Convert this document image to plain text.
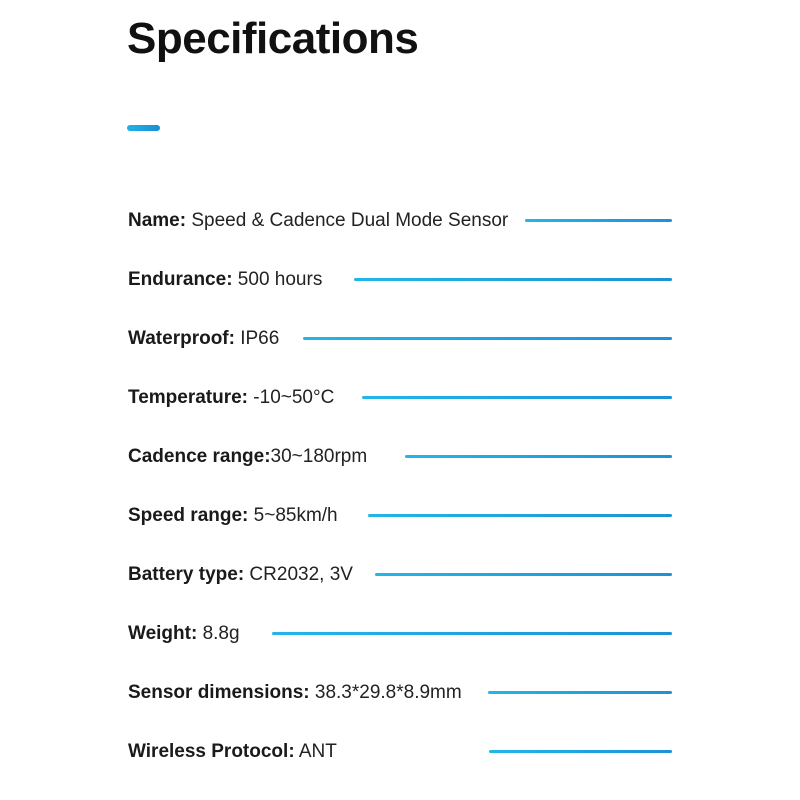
Specifications
Name: Speed & Cadence Dual Mode Sensor
Endurance: 500 hours
Waterproof: IP66
Temperature: -10~50°C
Cadence range: 30~180rpm
Speed range: 5~85km/h
Battery type: CR2032, 3V
Weight: 8.8g
Sensor dimensions: 38.3*29.8*8.9mm
Wireless Protocol: ANT
